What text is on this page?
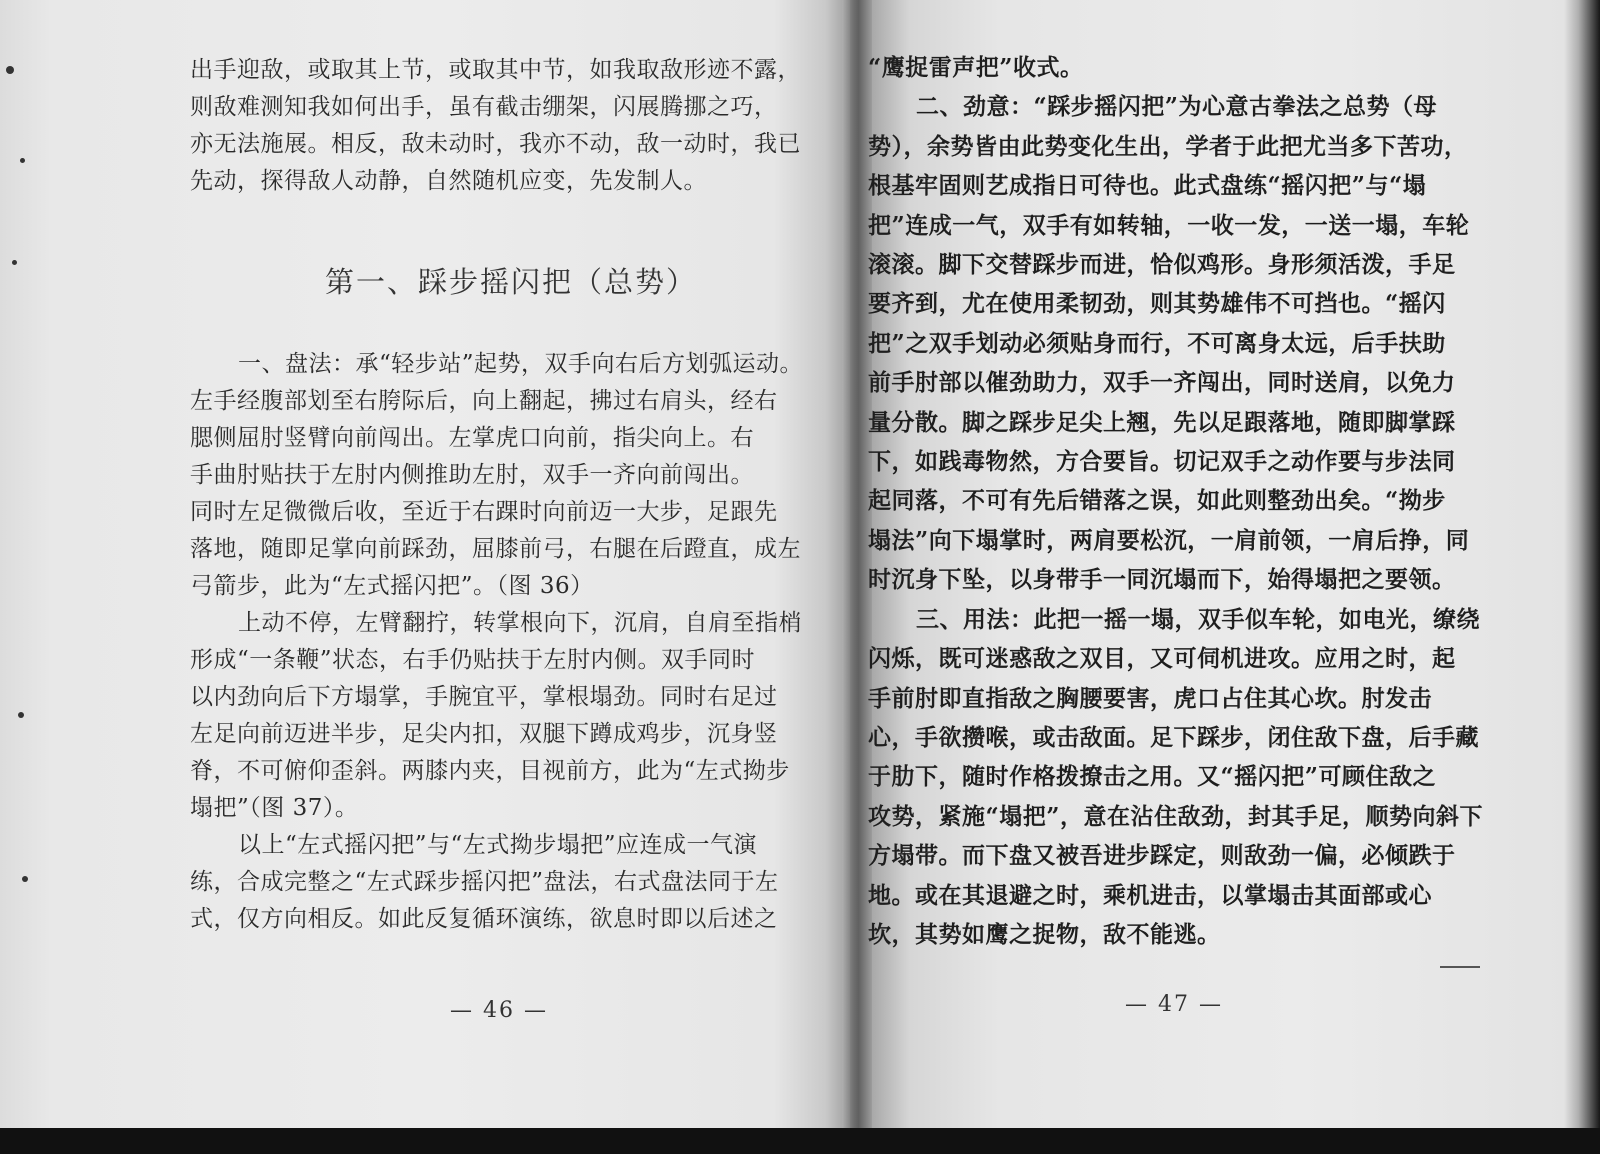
出手迎敌，或取其上节，或取其中节，如我取敌形迹不露，

则敌难测知我如何出手，虽有截击绷架，闪展腾挪之巧，

亦无法施展。相反，敌未动时，我亦不动，敌一动时，我已

先动，探得敌人动静，自然随机应变，先发制人。

第一、踩步摇闪把（总势）

一、盘法：承“轻步站”起势，双手向右后方划弧运动。

左手经腹部划至右胯际后，向上翻起，拂过右肩头，经右

腮侧屈肘竖臂向前闯出。左掌虎口向前，指尖向上。右

手曲肘贴扶于左肘内侧推助左肘，双手一齐向前闯出。

同时左足微微后收，至近于右踝时向前迈一大步，足跟先

落地，随即足掌向前踩劲，屈膝前弓，右腿在后蹬直，成左

弓箭步，此为“左式摇闪把”。（图 36）

上动不停，左臂翻拧，转掌根向下，沉肩，自肩至指梢

形成“一条鞭”状态，右手仍贴扶于左肘内侧。双手同时

以内劲向后下方塌掌，手腕宜平，掌根塌劲。同时右足过

左足向前迈进半步，足尖内扣，双腿下蹲成鸡步，沉身竖

脊，不可俯仰歪斜。两膝内夹，目视前方，此为“左式拗步

塌把”（图 37）。

以上“左式摇闪把”与“左式拗步塌把”应连成一气演

练，合成完整之“左式踩步摇闪把”盘法，右式盘法同于左

式，仅方向相反。如此反复循环演练，欲息时即以后述之

— 46 —

“鹰捉雷声把”收式。

二、劲意：“踩步摇闪把”为心意古拳法之总势（母

势），余势皆由此势变化生出，学者于此把尤当多下苦功，

根基牢固则艺成指日可待也。此式盘练“摇闪把”与“塌

把”连成一气，双手有如转轴，一收一发，一送一塌，车轮

滚滚。脚下交替踩步而进，恰似鸡形。身形须活泼，手足

要齐到，尤在使用柔韧劲，则其势雄伟不可挡也。“摇闪

把”之双手划动必须贴身而行，不可离身太远，后手扶助

前手肘部以催劲助力，双手一齐闯出，同时送肩，以免力

量分散。脚之踩步足尖上翘，先以足跟落地，随即脚掌踩

下，如践毒物然，方合要旨。切记双手之动作要与步法同

起同落，不可有先后错落之误，如此则整劲出矣。“拗步

塌法”向下塌掌时，两肩要松沉，一肩前领，一肩后挣，同

时沉身下坠，以身带手一同沉塌而下，始得塌把之要领。

三、用法：此把一摇一塌，双手似车轮，如电光，缭绕

闪烁，既可迷惑敌之双目，又可伺机进攻。应用之时，起

手前肘即直指敌之胸腰要害，虎口占住其心坎。肘发击

心，手欲攒喉，或击敌面。足下踩步，闭住敌下盘，后手藏

于肋下，随时作格拨撩击之用。又“摇闪把”可顾住敌之

攻势，紧施“塌把”，意在沾住敌劲，封其手足，顺势向斜下

方塌带。而下盘又被吾进步踩定，则敌劲一偏，必倾跌于

地。或在其退避之时，乘机进击，以掌塌击其面部或心

坎，其势如鹰之捉物，敌不能逃。

— 47 —
